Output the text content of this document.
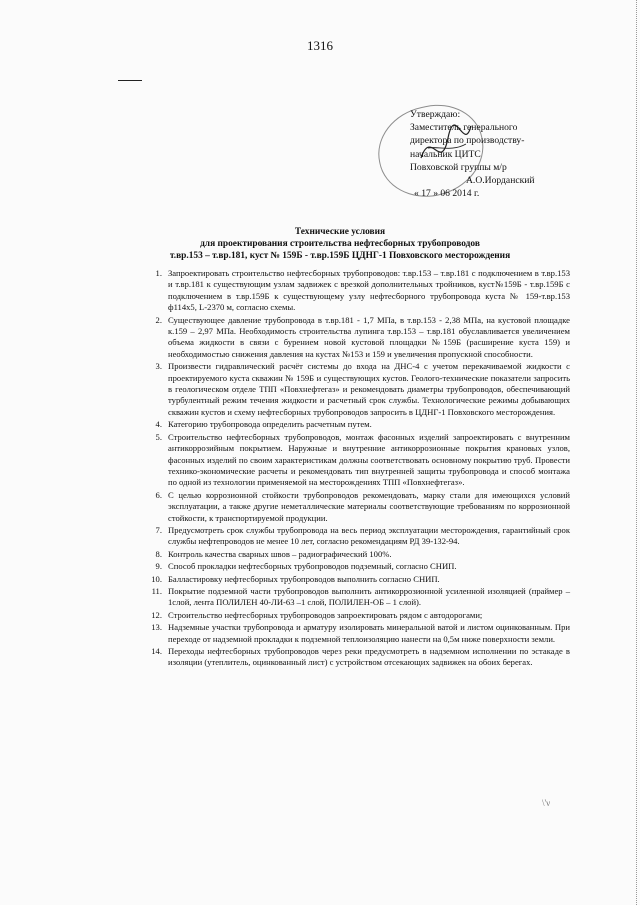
1316
Утверждаю:
Заместитель генерального
директора по производству-
начальник ЦИТС
Повховской группы м/р
А.О.Иорданский
« 17 » 06 2014 г.
Технические условия
для проектирования строительства нефтесборных трубопроводов
т.вр.153 – т.вр.181, куст № 159Б - т.вр.159Б ЦДНГ-1 Повховского месторождения
1. Запроектировать строительство нефтесборных трубопроводов: т.вр.153 – т.вр.181 с подключением в т.вр.153 и т.вр.181 к существующим узлам задвижек с врезкой дополнительных тройников, куст№159Б - т.вр.159Б с подключением в т.вр.159Б к существующему узлу нефтесборного трубопровода куста № 159-т.вр.153 ф114х5, L-2370 м, согласно схемы.
2. Существующее давление трубопровода в т.вр.181 - 1,7 МПа, в т.вр.153 - 2,38 МПа, на кустовой площадке к.159 – 2,97 МПа. Необходимость строительства лупинга т.вр.153 – т.вр.181 обуславливается увеличением объема жидкости в связи с бурением новой кустовой площадки №159Б (расширение куста 159) и необходимостью снижения давления на кустах №153 и 159 и увеличения пропускной способности.
3. Произвести гидравлический расчёт системы до входа на ДНС-4 с учетом перекачиваемой жидкости с проектируемого куста скважин № 159Б и существующих кустов. Геолого-технические показатели запросить в геологическом отделе ТПП «Повхнефтегаз» и рекомендовать диаметры трубопроводов, обеспечивающий турбулентный режим течения жидкости и расчетный срок службы. Технологические режимы добывающих скважин кустов и схему нефтесборных трубопроводов запросить в ЦДНГ-1 Повховского месторождения.
4. Категорию трубопровода определить расчетным путем.
5. Строительство нефтесборных трубопроводов, монтаж фасонных изделий запроектировать с внутренним антикоррозийным покрытием. Наружные и внутренние антикоррозионные покрытия крановых узлов, фасонных изделий по своим характеристикам должны соответствовать основному покрытию труб. Провести технико-экономические расчеты и рекомендовать тип внутренней защиты трубопровода и способ монтажа по одной из технологии применяемой на месторождениях ТПП «Повхнефтегаз».
6. С целью коррозионной стойкости трубопроводов рекомендовать, марку стали для имеющихся условий эксплуатации, а также другие неметаллические материалы соответствующие требованиям по коррозионной стойкости, к транспортируемой продукции.
7. Предусмотреть срок службы трубопровода на весь период эксплуатации месторождения, гарантийный срок службы нефтепроводов не менее 10 лет, согласно рекомендациям РД 39-132-94.
8. Контроль качества сварных швов – радиографический 100%.
9. Способ прокладки нефтесборных трубопроводов подземный, согласно СНИП.
10. Балластировку нефтесборных трубопроводов выполнить согласно СНИП.
11. Покрытие подземной части трубопроводов выполнить антикоррозионной усиленной изоляцией (праймер –1слой, лента ПОЛИЛЕН 40-ЛИ-63 –1 слой, ПОЛИЛЕН-ОБ – 1 слой).
12. Строительство нефтесборных трубопроводов запроектировать рядом с автодорогами;
13. Надземные участки трубопровода и арматуру изолировать минеральной ватой и листом оцинкованным. При переходе от надземной прокладки к подземной теплоизоляцию нанести на 0,5м ниже поверхности земли.
14. Переходы нефтесборных трубопроводов через реки предусмотреть в надземном исполнении по эстакаде в изоляции (утеплитель, оцинкованный лист) с устройством отсекающих задвижек на обоих берегах.
\'ν
